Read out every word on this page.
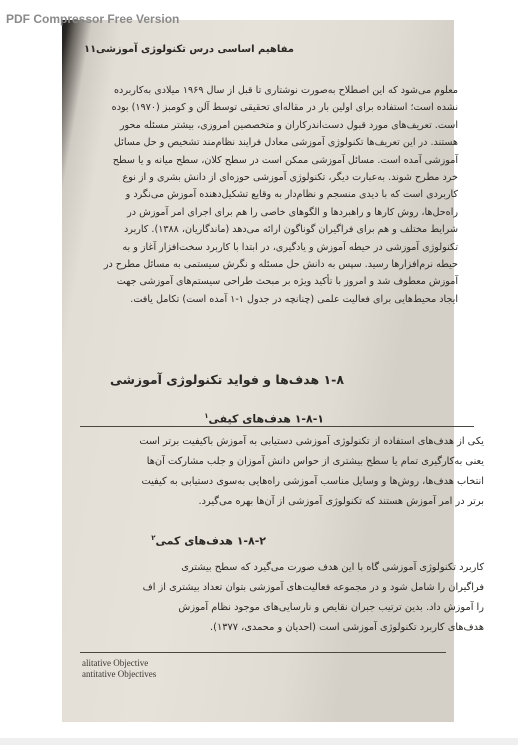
PDF Compressor Free Version
مفاهیم اساسی درس تکنولوژی آموزشی
۱۱
معلوم می‌شود که این اصطلاح به‌صورت نوشتاری تا قبل از سال ۱۹۶۹ میلادی به‌کاربرده
نشده است؛ استفاده برای اولین بار در مقاله‌ای تحقیقی توسط آلن و کومبز (۱۹۷۰) بوده
است. تعریف‌های مورد قبول دست‌اندرکاران و متخصصین امروزی، بیشتر مسئله محور
هستند. در این تعریف‌ها تکنولوژی آموزشی معادل فرایند نظام‌مند تشخیص و حل مسائل
آموزشی آمده است. مسائل آموزشی ممکن است در سطح کلان، سطح میانه و یا سطح
خرد مطرح شوند. به‌عبارت دیگر، تکنولوژی آموزشی حوزه‌ای از دانش بشری و از نوع
کاربردی است که با دیدی منسجم و نظام‌دار به وقایع تشکیل‌دهنده آموزش می‌نگرد و
راه‌حل‌ها، روش کارها و راهبردها و الگوهای خاصی را هم برای اجرای امر آموزش در
شرایط مختلف و هم برای فراگیران گوناگون ارائه می‌دهد (ماندگاریان، ۱۳۸۸). کاربرد
تکنولوژی آموزشی در حیطه آموزش و یادگیری، در ابتدا با کاربرد سخت‌افزار آغاز و به
حیطه نرم‌افزارها رسید. سپس به دانش حل مسئله و نگرش سیستمی به مسائل مطرح در
آموزش معطوف شد و امروز با تأکید ویژه بر مبحث طراحی سیستم‌های آموزشی جهت
ایجاد محیط‌هایی برای فعالیت علمی (چنانچه در جدول ۱-۱ آمده است) تکامل یافت.
۱-۸ هدف‌ها و فواید تکنولوژی آموزشی
۱-۸-۱ هدف‌های کیفی$^۱$
یکی از هدف‌های استفاده از تکنولوژی آموزشی دستیابی به آموزش باکیفیت برتر است
یعنی به‌کارگیری تمام یا سطح بیشتری از حواس دانش آموزان و جلب مشارکت آن‌ها
انتخاب هدف‌ها، روش‌ها و وسایل مناسب آموزشی راه‌هایی به‌سوی دستیابی به کیفیت
برتر در امر آموزش هستند که تکنولوژی آموزشی از آن‌ها بهره می‌گیرد.
۱-۸-۲ هدف‌های کمی$^۲$
کاربرد تکنولوژی آموزشی گاه با این هدف صورت می‌گیرد که سطح بیشتری
فراگیران را شامل شود و در مجموعه فعالیت‌های آموزشی بتوان تعداد بیشتری از اف
را آموزش داد. بدین ترتیب جبران نقایص و نارسایی‌های موجود نظام آموزش
هدف‌های کاربرد تکنولوژی آموزشی است (احدیان و محمدی، ۱۳۷۷).
alitative Objective
antitative Objectives
